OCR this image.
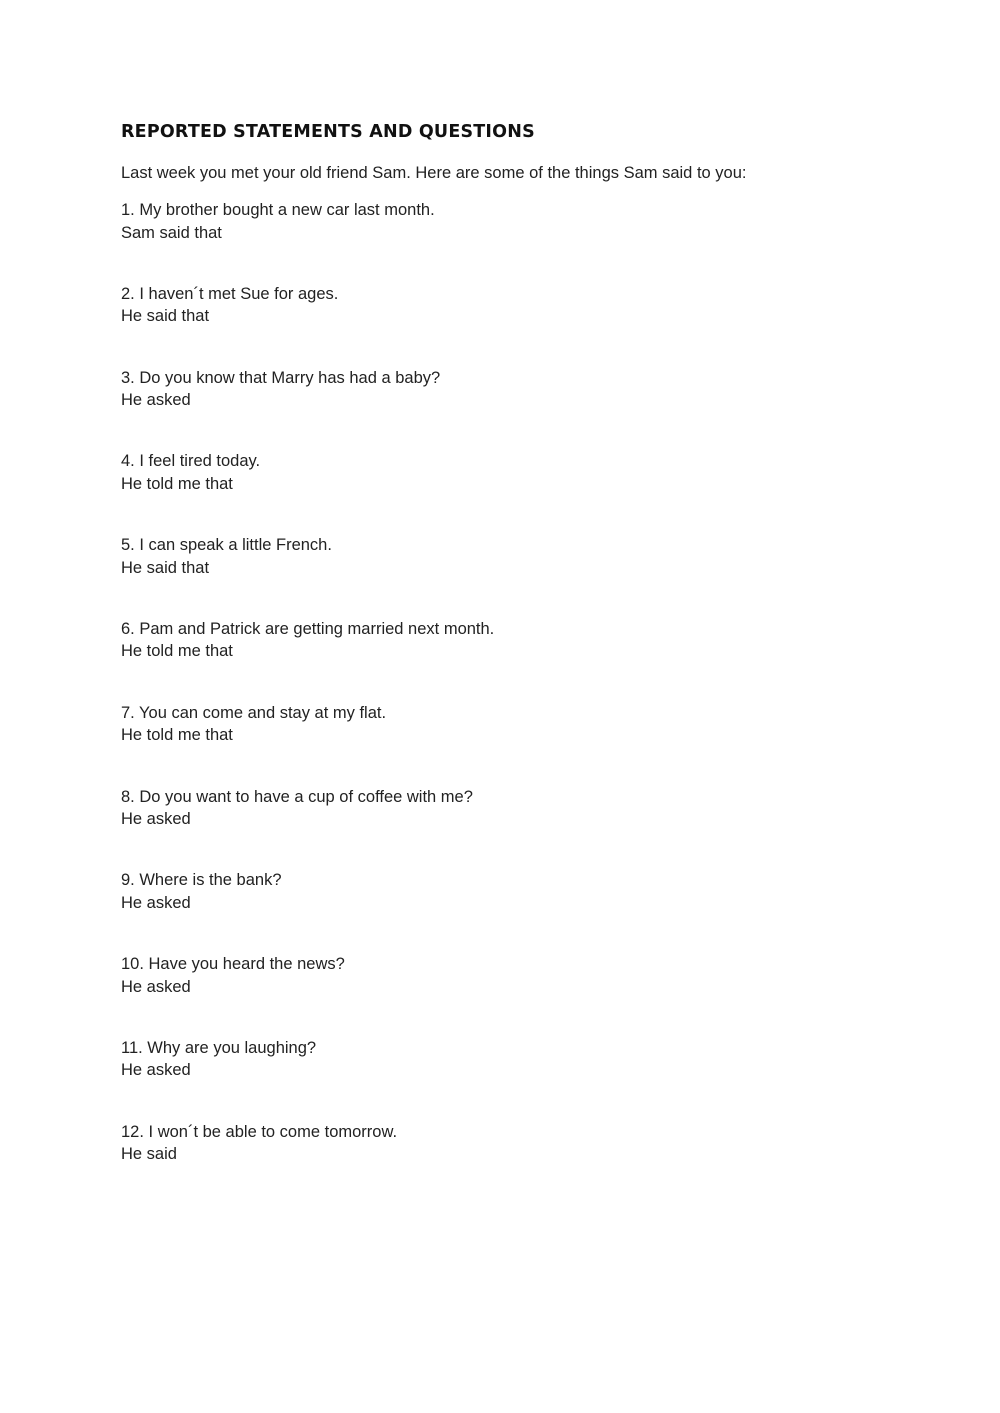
REPORTED STATEMENTS AND QUESTIONS

Last week you met your old friend Sam. Here are some of the things Sam said to you:

1. My brother bought a new car last month.
Sam said that
2. I haven´t met Sue for ages.
He said that
3. Do you know that Marry has had a baby?
He asked
4. I feel tired today.
He told me that
5. I can speak a little French.
He said that
6. Pam and Patrick are getting married next month.
He told me that
7. You can come and stay at my flat.
He told me that
8. Do you want to have a cup of coffee with me?
He asked
9. Where is the bank?
He asked
10. Have you heard the news?
He asked
11. Why are you laughing?
He asked
12. I won´t be able to come tomorrow.
He said
